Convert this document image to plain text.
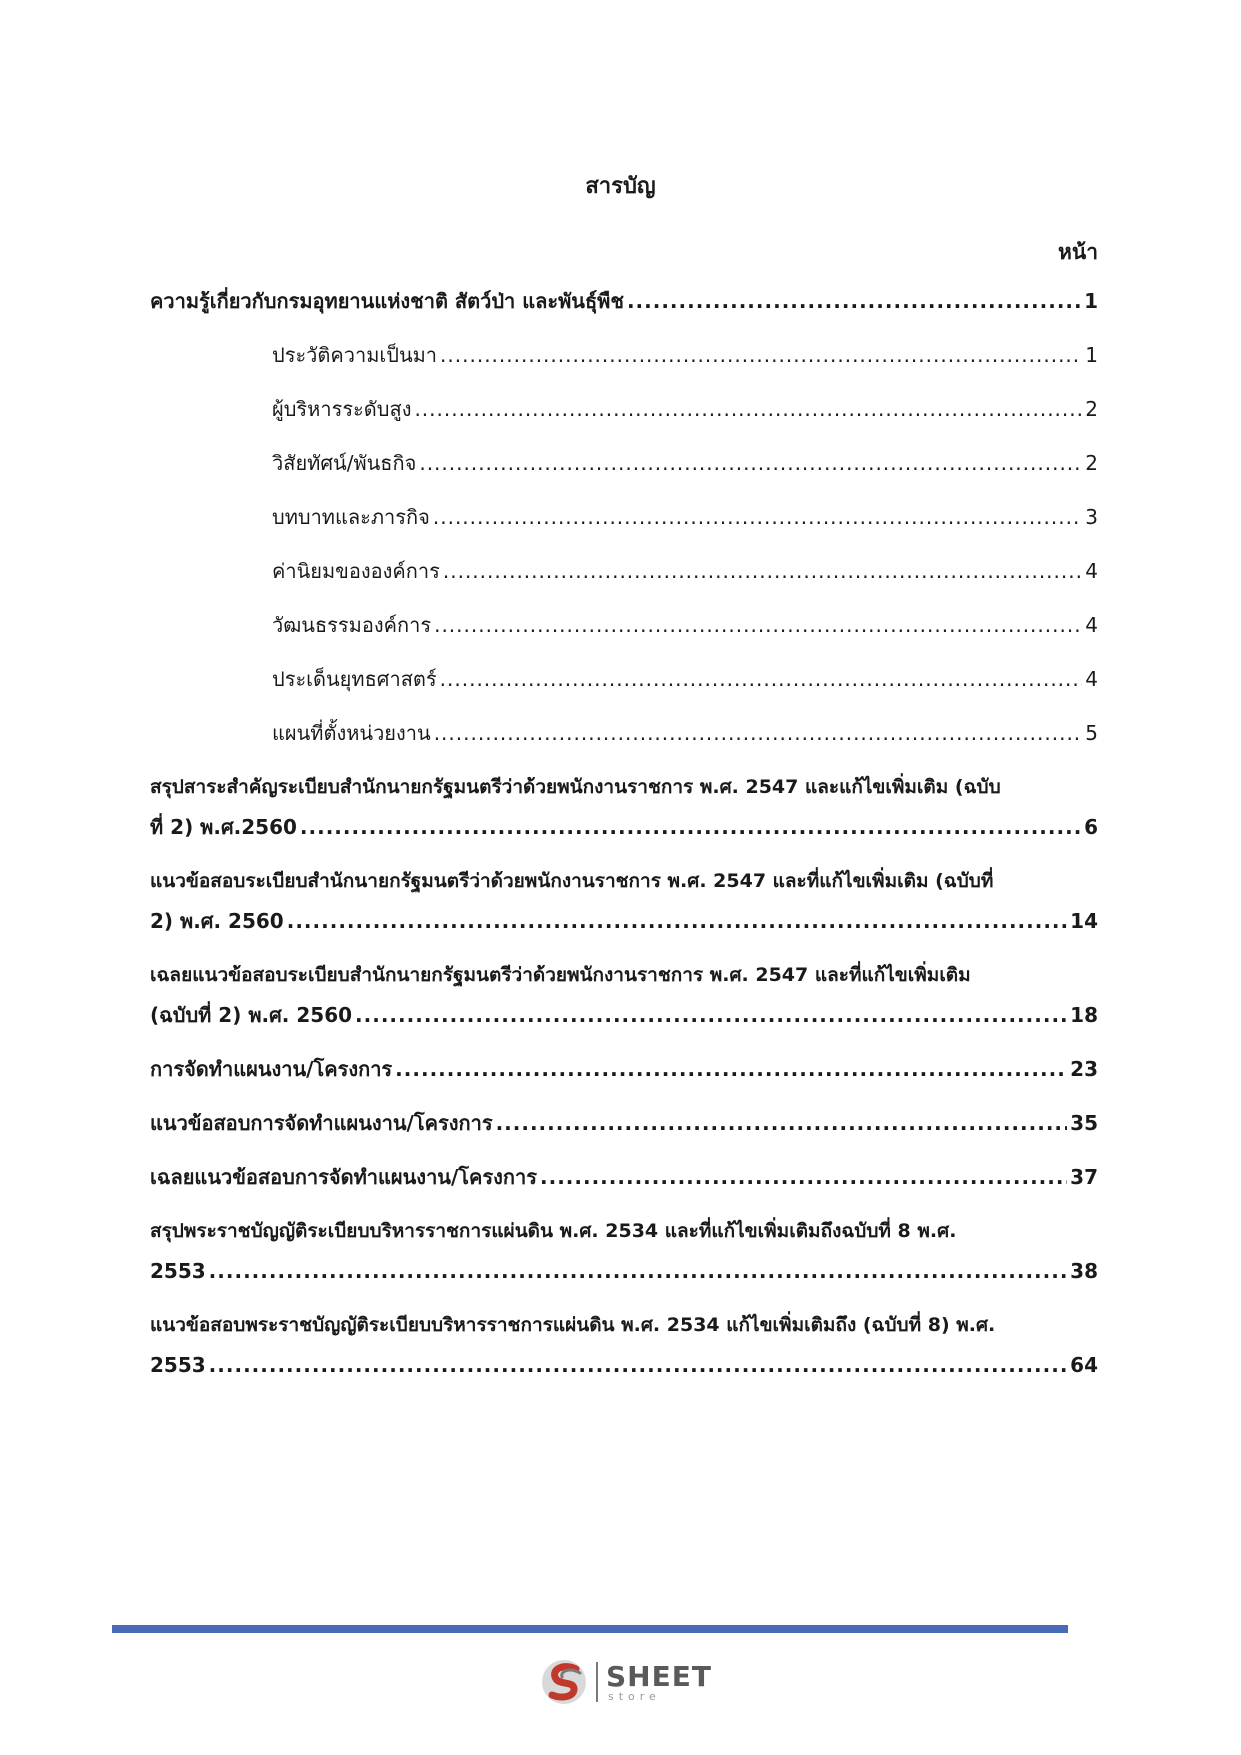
สารบัญ
หน้า
ความรู้เกี่ยวกับกรมอุทยานแห่งชาติ สัตว์ป่า และพันธุ์พืช .....	1
ประวัติความเป็นมา .....	1
ผู้บริหารระดับสูง .....	2
วิสัยทัศน์/พันธกิจ .....	2
บทบาทและภารกิจ .....	3
ค่านิยมขององค์การ .....	4
วัฒนธรรมองค์การ .....	4
ประเด็นยุทธศาสตร์ .....	4
แผนที่ตั้งหน่วยงาน .....	5
สรุปสาระสำคัญระเบียบสำนักนายกรัฐมนตรีว่าด้วยพนักงานราชการ พ.ศ. 2547 และแก้ไขเพิ่มเติม (ฉบับ
ที่ 2) พ.ศ.2560 .....	6
แนวข้อสอบระเบียบสำนักนายกรัฐมนตรีว่าด้วยพนักงานราชการ พ.ศ. 2547 และที่แก้ไขเพิ่มเติม (ฉบับที่
2) พ.ศ. 2560 .....	14
เฉลยแนวข้อสอบระเบียบสำนักนายกรัฐมนตรีว่าด้วยพนักงานราชการ พ.ศ. 2547 และที่แก้ไขเพิ่มเติม
(ฉบับที่ 2) พ.ศ. 2560 .....	18
การจัดทำแผนงาน/โครงการ .....	23
แนวข้อสอบการจัดทำแผนงาน/โครงการ .....	35
เฉลยแนวข้อสอบการจัดทำแผนงาน/โครงการ .....	37
สรุปพระราชบัญญัติระเบียบบริหารราชการแผ่นดิน พ.ศ. 2534 และที่แก้ไขเพิ่มเติมถึงฉบับที่ 8 พ.ศ.
2553 .....	38
แนวข้อสอบพระราชบัญญัติระเบียบบริหารราชการแผ่นดิน พ.ศ. 2534 แก้ไขเพิ่มเติมถึง (ฉบับที่ 8) พ.ศ.
2553 .....	64
SHEET
store
